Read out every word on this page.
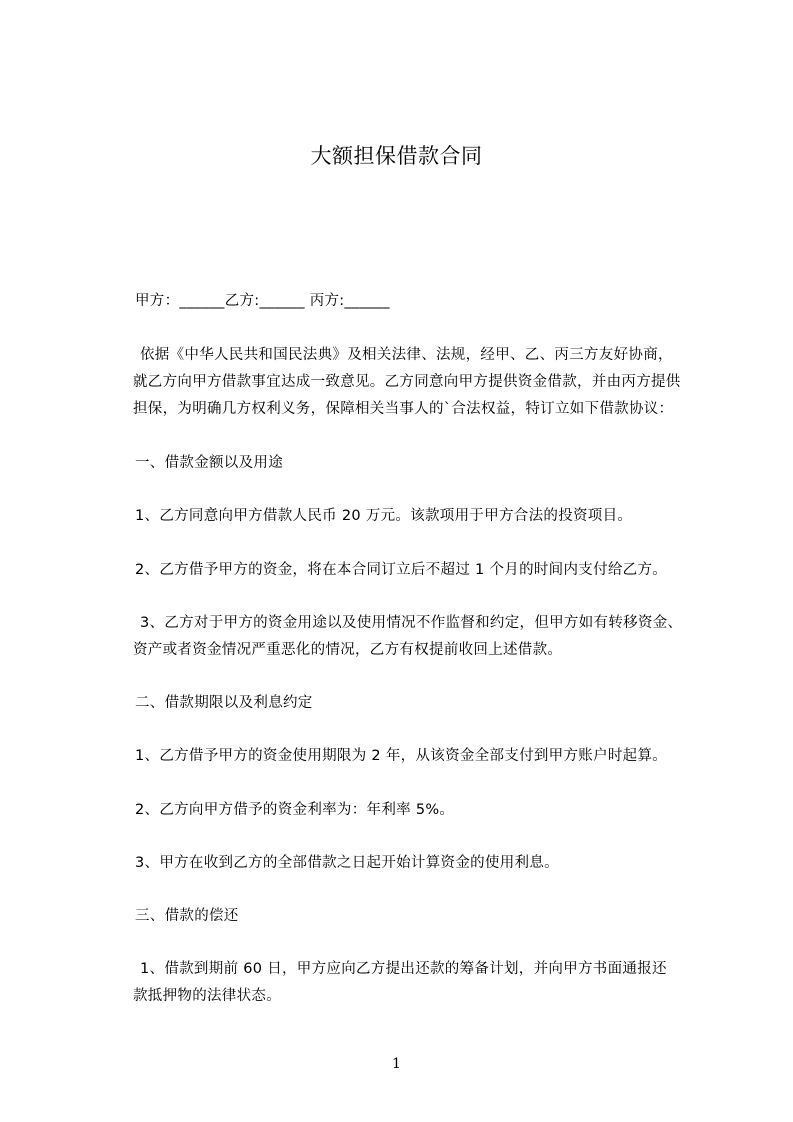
大额担保借款合同
甲方：______乙方:______ 丙方:______
依据《中华人民共和国民法典》及相关法律、法规，经甲、乙、丙三方友好协商，
就乙方向甲方借款事宜达成一致意见。乙方同意向甲方提供资金借款，并由丙方提供
担保，为明确几方权利义务，保障相关当事人的`合法权益，特订立如下借款协议：
一、借款金额以及用途
1、乙方同意向甲方借款人民币 20 万元。该款项用于甲方合法的投资项目。
2、乙方借予甲方的资金，将在本合同订立后不超过 1 个月的时间内支付给乙方。
3、乙方对于甲方的资金用途以及使用情况不作监督和约定，但甲方如有转移资金、
资产或者资金情况严重恶化的情况，乙方有权提前收回上述借款。
二、借款期限以及利息约定
1、乙方借予甲方的资金使用期限为 2 年，从该资金全部支付到甲方账户时起算。
2、乙方向甲方借予的资金利率为：年利率 5%。
3、甲方在收到乙方的全部借款之日起开始计算资金的使用利息。
三、借款的偿还
1、借款到期前 60 日，甲方应向乙方提出还款的筹备计划，并向甲方书面通报还
款抵押物的法律状态。
1
